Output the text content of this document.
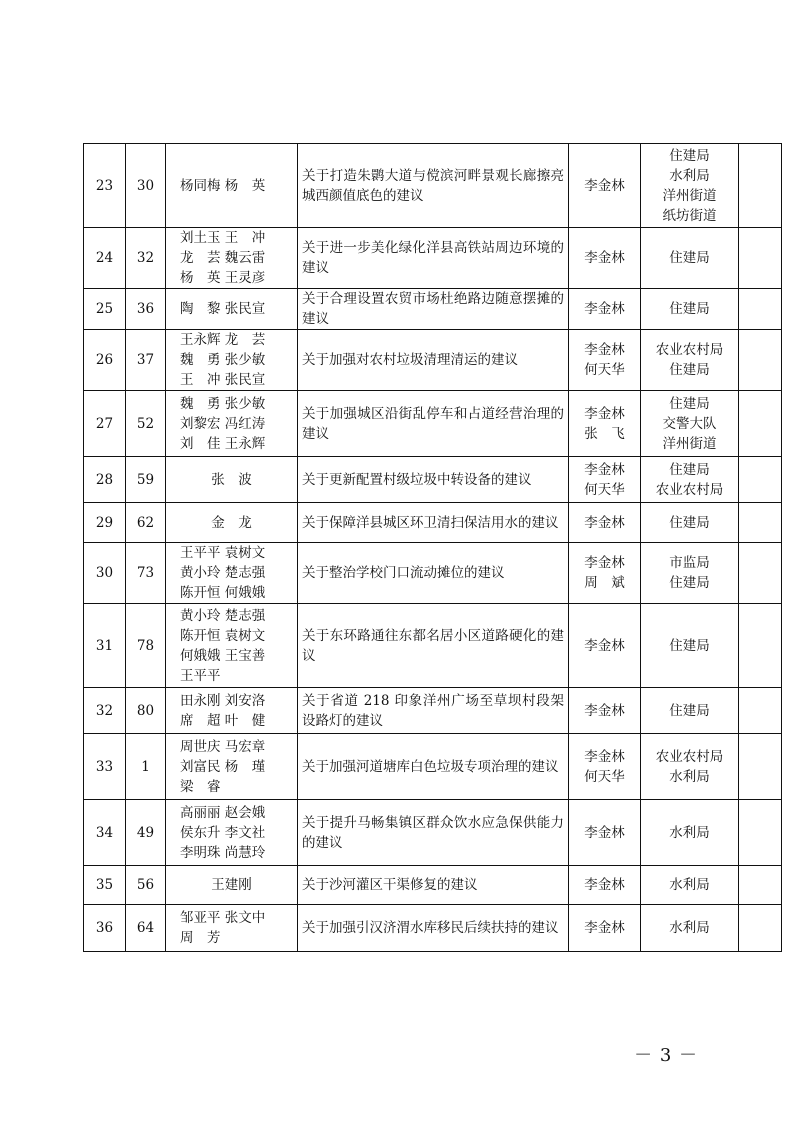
23	30	杨同梅 杨　英	关于打造朱鹮大道与傥滨河畔景观长廊擦亮城西颜值底色的建议	李金林	住建局
水利局
洋州街道
纸坊街道	

24	32	刘土玉 王　冲
龙　芸 魏云雷
杨　英 王灵彦	关于进一步美化绿化洋县高铁站周边环境的建议	李金林	住建局	

25	36	陶　黎 张民宣	关于合理设置农贸市场杜绝路边随意摆摊的建议	李金林	住建局	

26	37	王永辉 龙　芸
魏　勇 张少敏
王　冲 张民宣	关于加强对农村垃圾清理清运的建议	李金林
何天华	农业农村局
住建局	

27	52	魏　勇 张少敏
刘黎宏 冯红涛
刘　佳 王永辉	关于加强城区沿街乱停车和占道经营治理的建议	李金林
张　飞	住建局
交警大队
洋州街道	

28	59	张　波	关于更新配置村级垃圾中转设备的建议	李金林
何天华	住建局
农业农村局	

29	62	金　龙	关于保障洋县城区环卫清扫保洁用水的建议	李金林	住建局	

30	73	王平平 袁树文
黄小玲 楚志强
陈开恒 何娥娥	关于整治学校门口流动摊位的建议	李金林
周　斌	市监局
住建局	

31	78	黄小玲 楚志强
陈开恒 袁树文
何娥娥 王宝善
王平平	关于东环路通往东都名居小区道路硬化的建议	李金林	住建局	

32	80	田永刚 刘安洛
席　超 叶　健	关于省道 218 印象洋州广场至草坝村段架设路灯的建议	李金林	住建局	

33	1	周世庆 马宏章
刘富民 杨　瑾
梁　睿	关于加强河道塘库白色垃圾专项治理的建议	李金林
何天华	农业农村局
水利局	

34	49	高丽丽 赵会娥
侯东升 李文社
李明珠 尚慧玲	关于提升马畅集镇区群众饮水应急保供能力的建议	李金林	水利局	

35	56	王建刚	关于沙河灌区干渠修复的建议	李金林	水利局	

36	64	邹亚平 张文中
周　芳	关于加强引汉济渭水库移民后续扶持的建议	李金林	水利局	

－ 3 －
